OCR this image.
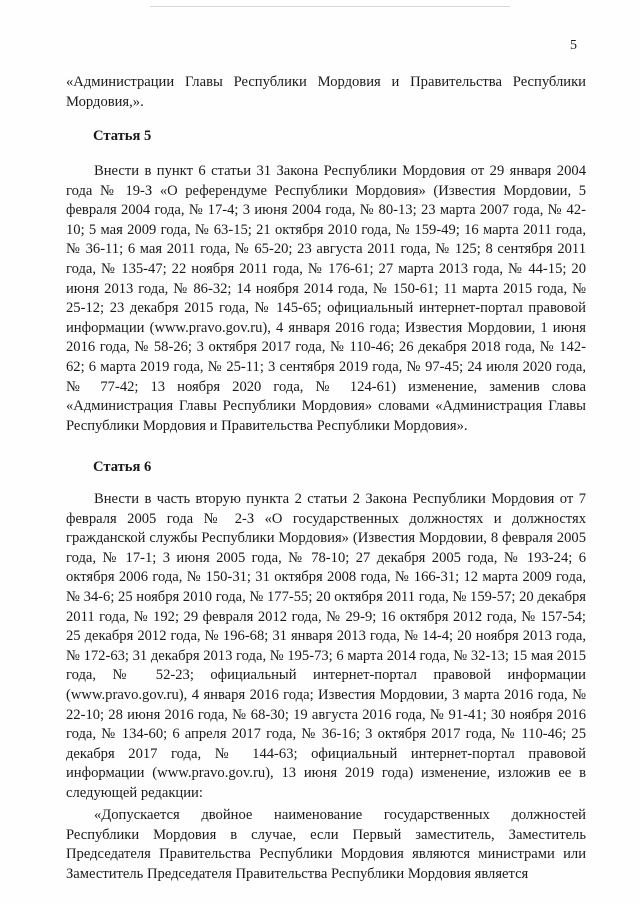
5

«Администрации Главы Республики Мордовия и Правительства Республики Мордовия,».

Статья 5

Внести в пункт 6 статьи 31 Закона Республики Мордовия от 29 января 2004 года № 19-З «О референдуме Республики Мордовия» (Известия Мордовии, 5 февраля 2004 года, № 17-4; 3 июня 2004 года, № 80-13; 23 марта 2007 года, № 42-10; 5 мая 2009 года, № 63-15; 21 октября 2010 года, № 159-49; 16 марта 2011 года, № 36-11; 6 мая 2011 года, № 65-20; 23 августа 2011 года, № 125; 8 сентября 2011 года, № 135-47; 22 ноября 2011 года, № 176-61; 27 марта 2013 года, № 44-15; 20 июня 2013 года, № 86-32; 14 ноября 2014 года, № 150-61; 11 марта 2015 года, № 25-12; 23 декабря 2015 года, № 145-65; официальный интернет-портал правовой информации (www.pravo.gov.ru), 4 января 2016 года; Известия Мордовии, 1 июня 2016 года, № 58-26; 3 октября 2017 года, № 110-46; 26 декабря 2018 года, № 142-62; 6 марта 2019 года, № 25-11; 3 сентября 2019 года, № 97-45; 24 июля 2020 года, № 77-42; 13 ноября 2020 года, № 124-61) изменение, заменив слова «Администрация Главы Республики Мордовия» словами «Администрация Главы Республики Мордовия и Правительства Республики Мордовия».

Статья 6

Внести в часть вторую пункта 2 статьи 2 Закона Республики Мордовия от 7 февраля 2005 года № 2-З «О государственных должностях и должностях гражданской службы Республики Мордовия» (Известия Мордовии, 8 февраля 2005 года, № 17-1; 3 июня 2005 года, № 78-10; 27 декабря 2005 года, № 193-24; 6 октября 2006 года, № 150-31; 31 октября 2008 года, № 166-31; 12 марта 2009 года, № 34-6; 25 ноября 2010 года, № 177-55; 20 октября 2011 года, № 159-57; 20 декабря 2011 года, № 192; 29 февраля 2012 года, № 29-9; 16 октября 2012 года, № 157-54; 25 декабря 2012 года, № 196-68; 31 января 2013 года, № 14-4; 20 ноября 2013 года, № 172-63; 31 декабря 2013 года, № 195-73; 6 марта 2014 года, № 32-13; 15 мая 2015 года, № 52-23; официальный интернет-портал правовой информации (www.pravo.gov.ru), 4 января 2016 года; Известия Мордовии, 3 марта 2016 года, № 22-10; 28 июня 2016 года, № 68-30; 19 августа 2016 года, № 91-41; 30 ноября 2016 года, № 134-60; 6 апреля 2017 года, № 36-16; 3 октября 2017 года, № 110-46; 25 декабря 2017 года, № 144-63; официальный интернет-портал правовой информации (www.pravo.gov.ru), 13 июня 2019 года) изменение, изложив ее в следующей редакции:

«Допускается двойное наименование государственных должностей Республики Мордовия в случае, если Первый заместитель, Заместитель Председателя Правительства Республики Мордовия являются министрами или Заместитель Председателя Правительства Республики Мордовия является
